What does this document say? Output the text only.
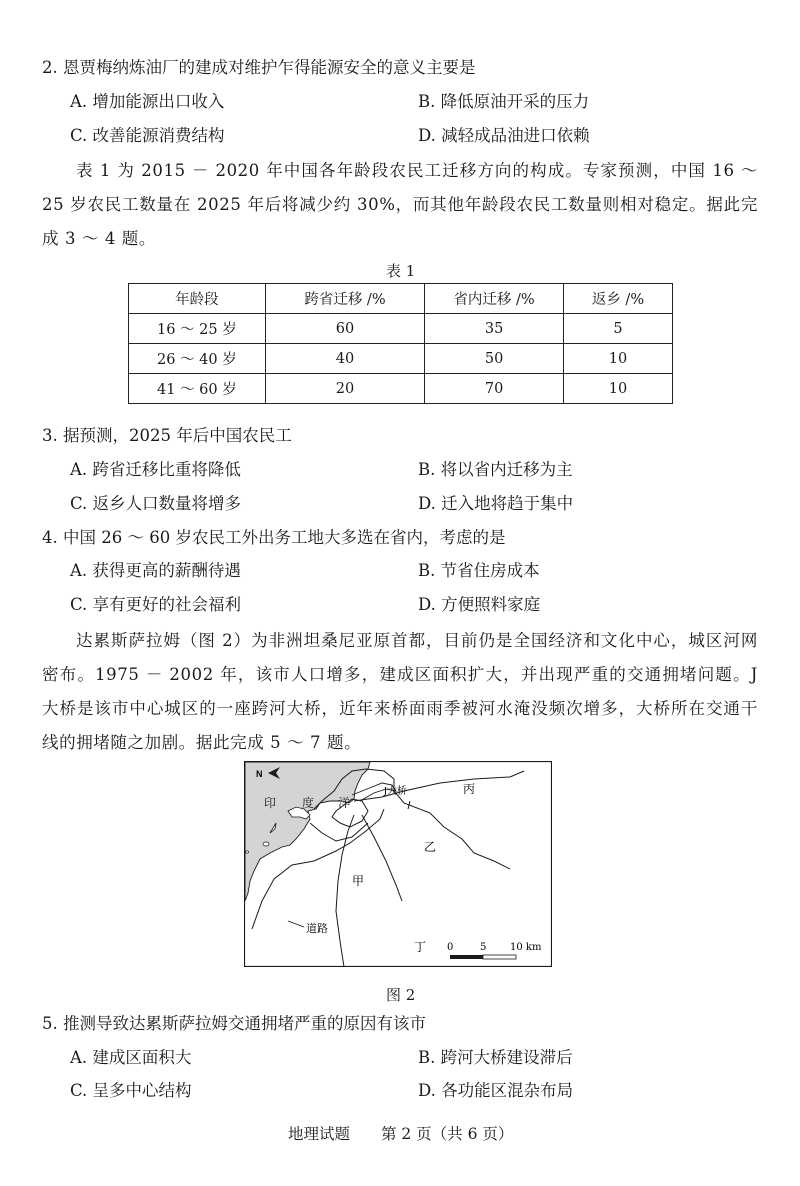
2. 恩贾梅纳炼油厂的建成对维护乍得能源安全的意义主要是
A. 增加能源出口收入	B. 降低原油开采的压力
C. 改善能源消费结构	D. 减轻成品油进口依赖
表 1 为 2015 － 2020 年中国各年龄段农民工迁移方向的构成。专家预测，中国 16 ～ 25 岁农民工数量在 2025 年后将减少约 30%，而其他年龄段农民工数量则相对稳定。据此完成 3 ～ 4 题。
表 1
年龄段	跨省迁移 /%	省内迁移 /%	返乡 /%
16 ～ 25 岁	60	35	5
26 ～ 40 岁	40	50	10
41 ～ 60 岁	20	70	10
3. 据预测，2025 年后中国农民工
A. 跨省迁移比重将降低	B. 将以省内迁移为主
C. 返乡人口数量将增多	D. 迁入地将趋于集中
4. 中国 26 ～ 60 岁农民工外出务工地大多选在省内，考虑的是
A. 获得更高的薪酬待遇	B. 节省住房成本
C. 享有更好的社会福利	D. 方便照料家庭
达累斯萨拉姆（图 2）为非洲坦桑尼亚原首都，目前仍是全国经济和文化中心，城区河网密布。1975 － 2002 年，该市人口增多，建成区面积扩大，并出现严重的交通拥堵问题。J 大桥是该市中心城区的一座跨河大桥，近年来桥面雨季被河水淹没频次增多，大桥所在交通干线的拥堵随之加剧。据此完成 5 ～ 7 题。
N
印 度 洋
J大桥	丙
乙
甲
丁
道路
0	5 10 km
图 2
5. 推测导致达累斯萨拉姆交通拥堵严重的原因有该市
A. 建成区面积大	B. 跨河大桥建设滞后
C. 呈多中心结构	D. 各功能区混杂布局
地理试题 第 2 页（共 6 页）
